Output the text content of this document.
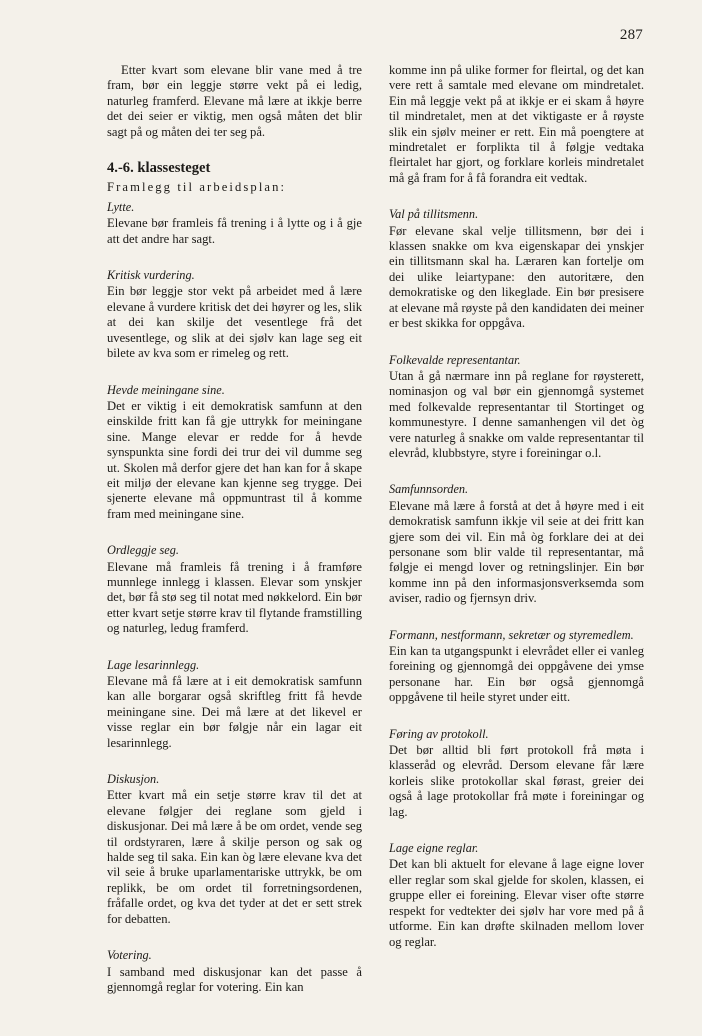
287

Etter kvart som elevane blir vane med å tre fram, bør ein leggje større vekt på ei ledig, naturleg framferd. Elevane må lære at ikkje berre det dei seier er viktig, men også måten det blir sagt på og måten dei ter seg på.

4.-6. klassesteget
Framlegg til arbeidsplan:
Lytte.

Elevane bør framleis få trening i å lytte og i å gje att det andre har sagt.

Kritisk vurdering.

Ein bør leggje stor vekt på arbeidet med å lære elevane å vurdere kritisk det dei høyrer og les, slik at dei kan skilje det vesentlege frå det uvesentlege, og slik at dei sjølv kan lage seg eit bilete av kva som er rimeleg og rett.

Hevde meiningane sine.

Det er viktig i eit demokratisk samfunn at den einskilde fritt kan få gje uttrykk for meiningane sine. Mange elevar er redde for å hevde synspunkta sine fordi dei trur dei vil dumme seg ut. Skolen må derfor gjere det han kan for å skape eit miljø der elevane kan kjenne seg trygge. Dei sjenerte elevane må oppmuntrast til å komme fram med meiningane sine.

Ordleggje seg.

Elevane må framleis få trening i å framføre munnlege innlegg i klassen. Elevar som ynskjer det, bør få stø seg til notat med nøkkelord. Ein bør etter kvart setje større krav til flytande framstilling og naturleg, ledug framferd.

Lage lesarinnlegg.

Elevane må få lære at i eit demokratisk samfunn kan alle borgarar også skriftleg fritt få hevde meiningane sine. Dei må lære at det likevel er visse reglar ein bør følgje når ein lagar eit lesarinnlegg.

Diskusjon.

Etter kvart må ein setje større krav til det at elevane følgjer dei reglane som gjeld i diskusjonar. Dei må lære å be om ordet, vende seg til ordstyraren, lære å skilje person og sak og halde seg til saka. Ein kan òg lære elevane kva det vil seie å bruke uparlamentariske uttrykk, be om replikk, be om ordet til forretningsordenen, fråfalle ordet, og kva det tyder at det er sett strek for debatten.

Votering.

I samband med diskusjonar kan det passe å gjennomgå reglar for votering. Ein kan

komme inn på ulike former for fleirtal, og det kan vere rett å samtale med elevane om mindretalet. Ein må leggje vekt på at ikkje er ei skam å høyre til mindretalet, men at det viktigaste er å røyste slik ein sjølv meiner er rett. Ein må poengtere at mindretalet er forplikta til å følgje vedtaka fleirtalet har gjort, og forklare korleis mindretalet må gå fram for å få forandra eit vedtak.

Val på tillitsmenn.

Før elevane skal velje tillitsmenn, bør dei i klassen snakke om kva eigenskapar dei ynskjer ein tillitsmann skal ha. Læraren kan fortelje om dei ulike leiartypane: den autoritære, den demokratiske og den likeglade. Ein bør presisere at elevane må røyste på den kandidaten dei meiner er best skikka for oppgåva.

Folkevalde representantar.

Utan å gå nærmare inn på reglane for røysterett, nominasjon og val bør ein gjennomgå systemet med folkevalde representantar til Stortinget og kommunestyre. I denne samanhengen vil det òg vere naturleg å snakke om valde representantar til elevråd, klubbstyre, styre i foreiningar o.l.

Samfunnsorden.

Elevane må lære å forstå at det å høyre med i eit demokratisk samfunn ikkje vil seie at dei fritt kan gjere som dei vil. Ein må òg forklare dei at dei personane som blir valde til representantar, må følgje ei mengd lover og retningslinjer. Ein bør komme inn på den informasjonsverksemda som aviser, radio og fjernsyn driv.

Formann, nestformann, sekretær og styremedlem.

Ein kan ta utgangspunkt i elevrådet eller ei vanleg foreining og gjennomgå dei oppgåvene dei ymse personane har. Ein bør også gjennomgå oppgåvene til heile styret under eitt.

Føring av protokoll.

Det bør alltid bli ført protokoll frå møta i klasseråd og elevråd. Dersom elevane får lære korleis slike protokollar skal førast, greier dei også å lage protokollar frå møte i foreiningar og lag.

Lage eigne reglar.

Det kan bli aktuelt for elevane å lage eigne lover eller reglar som skal gjelde for skolen, klassen, ei gruppe eller ei foreining. Elevar viser ofte større respekt for vedtekter dei sjølv har vore med på å utforme. Ein kan drøfte skilnaden mellom lover og reglar.
